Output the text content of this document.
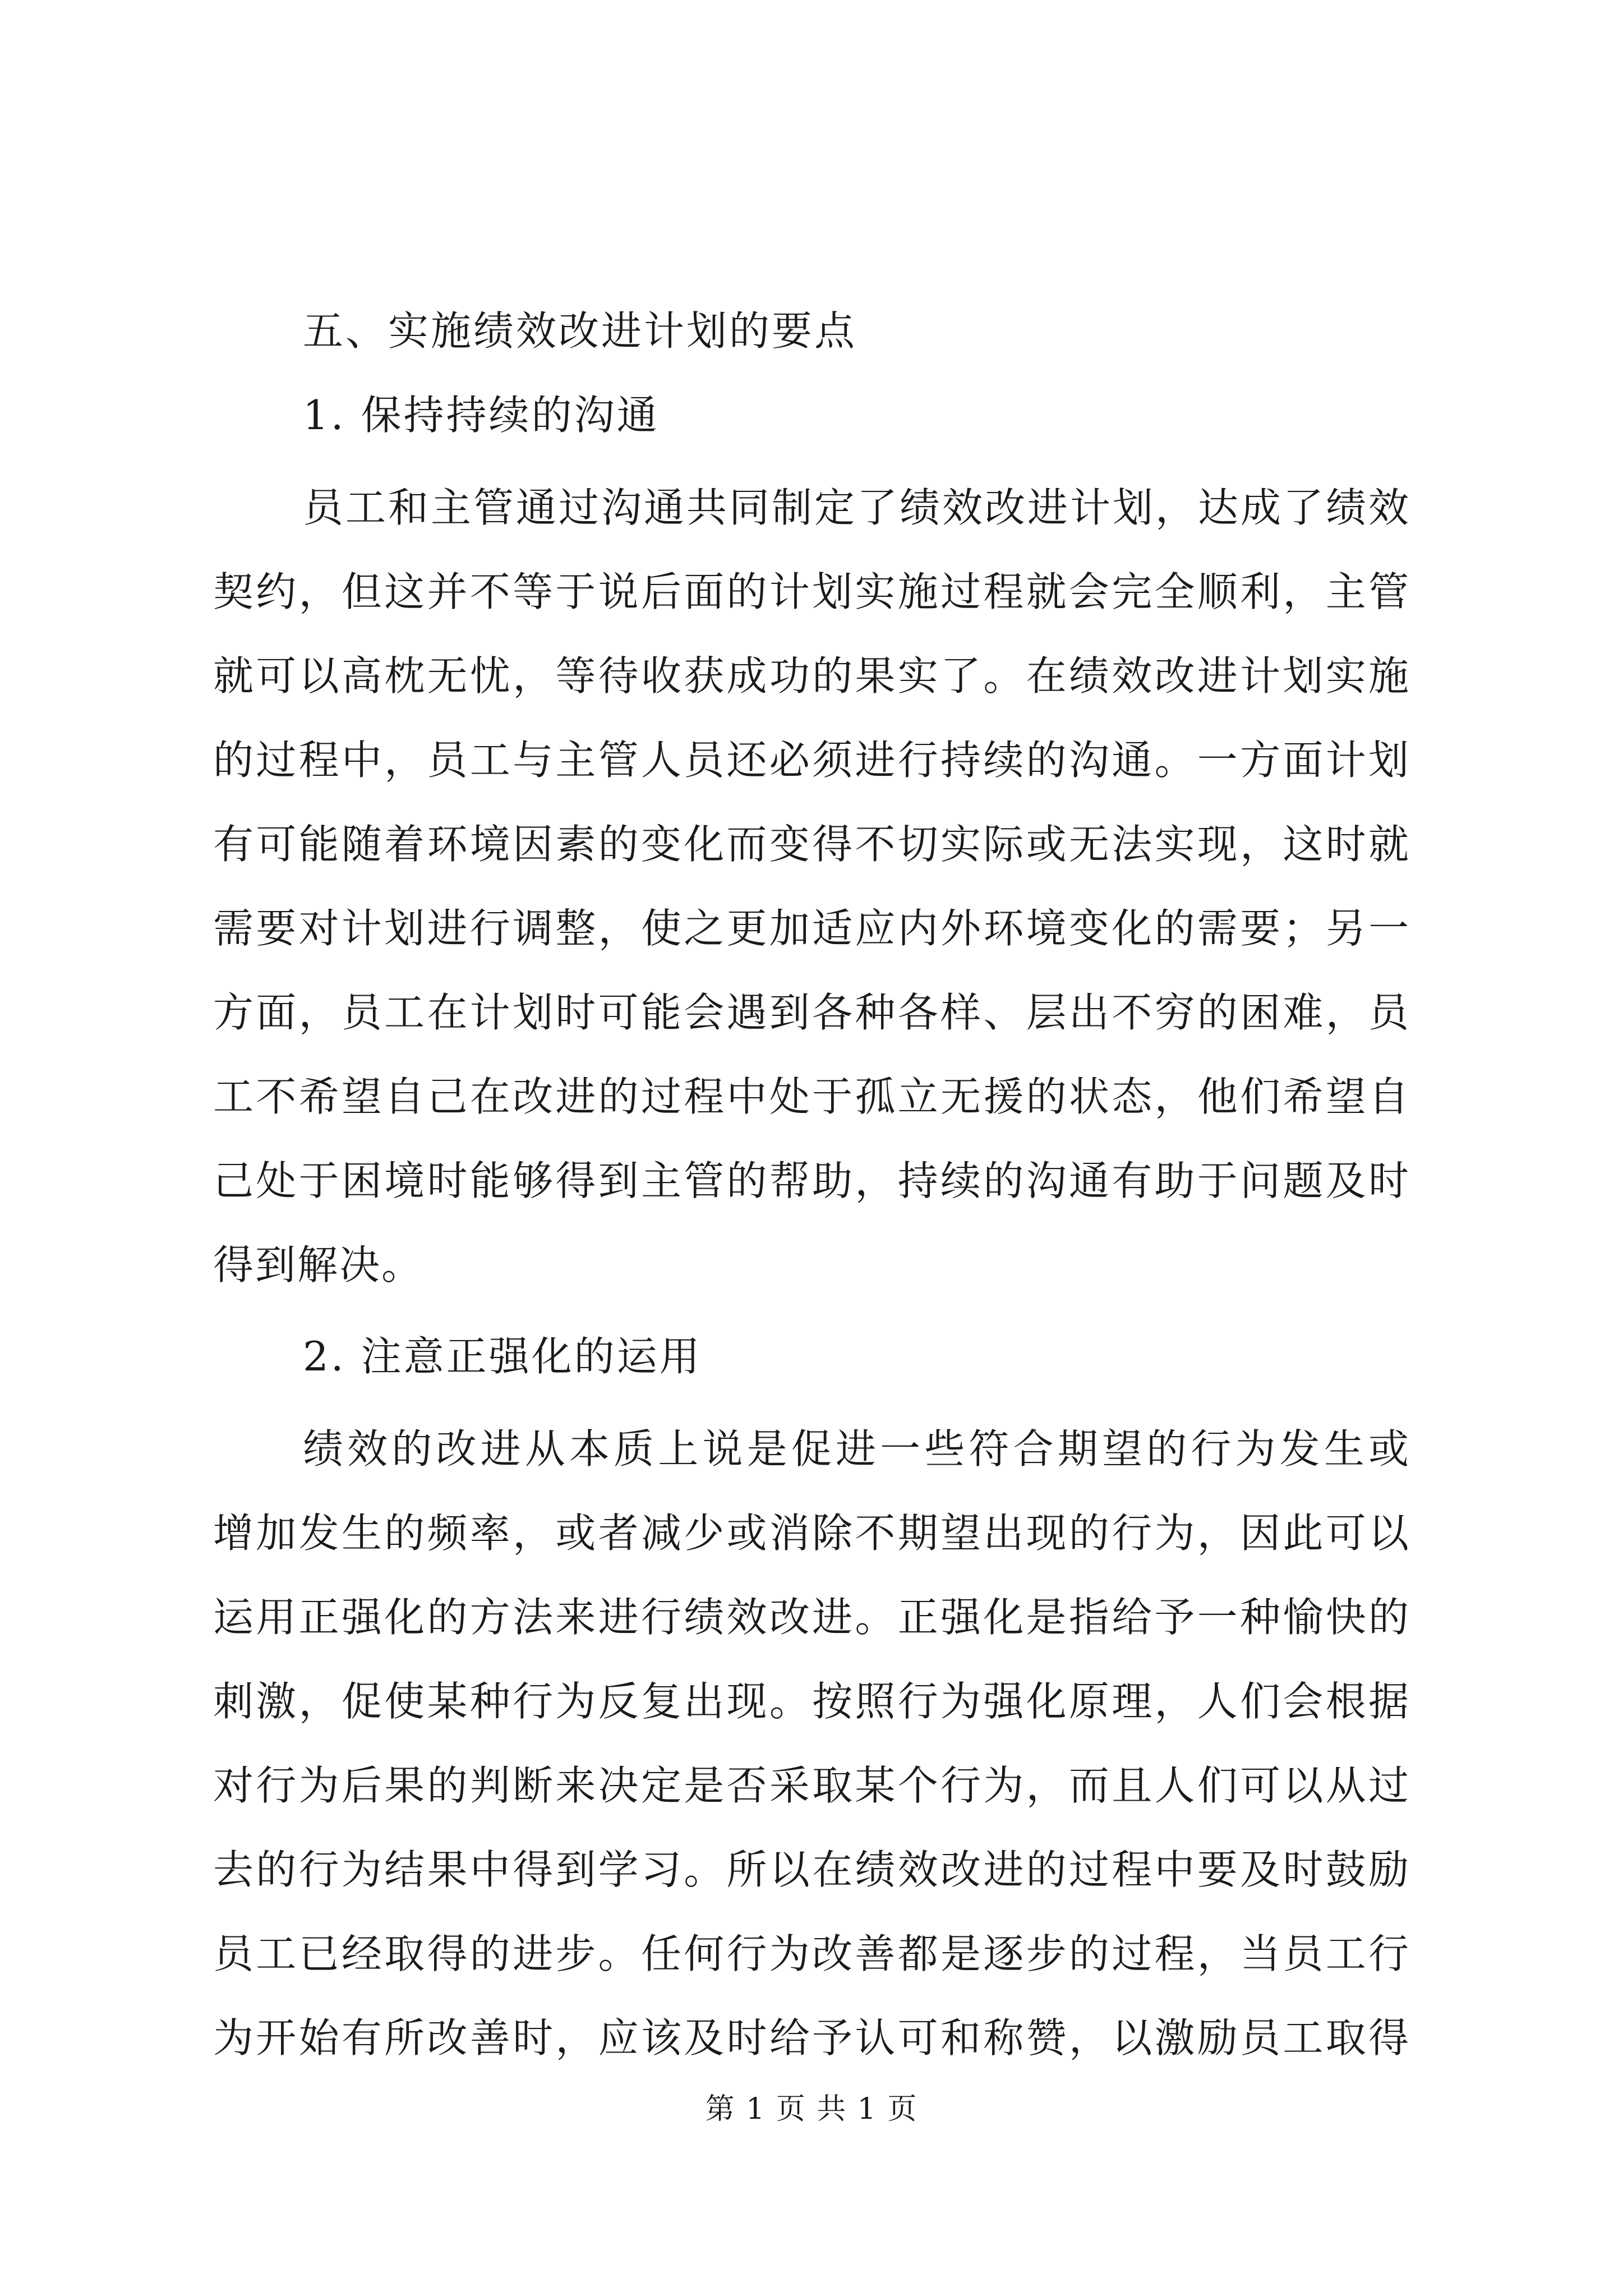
五、实施绩效改进计划的要点
1. 保持持续的沟通
员工和主管通过沟通共同制定了绩效改进计划，达成了绩效
契约，但这并不等于说后面的计划实施过程就会完全顺利，主管
就可以高枕无忧，等待收获成功的果实了。在绩效改进计划实施
的过程中，员工与主管人员还必须进行持续的沟通。一方面计划
有可能随着环境因素的变化而变得不切实际或无法实现，这时就
需要对计划进行调整，使之更加适应内外环境变化的需要；另一
方面，员工在计划时可能会遇到各种各样、层出不穷的困难，员
工不希望自己在改进的过程中处于孤立无援的状态，他们希望自
己处于困境时能够得到主管的帮助，持续的沟通有助于问题及时
得到解决。
2. 注意正强化的运用
绩效的改进从本质上说是促进一些符合期望的行为发生或
增加发生的频率，或者减少或消除不期望出现的行为，因此可以
运用正强化的方法来进行绩效改进。正强化是指给予一种愉快的
刺激，促使某种行为反复出现。按照行为强化原理，人们会根据
对行为后果的判断来决定是否采取某个行为，而且人们可以从过
去的行为结果中得到学习。所以在绩效改进的过程中要及时鼓励
员工已经取得的进步。任何行为改善都是逐步的过程，当员工行
为开始有所改善时，应该及时给予认可和称赞，以激励员工取得
第 1 页 共 1 页
